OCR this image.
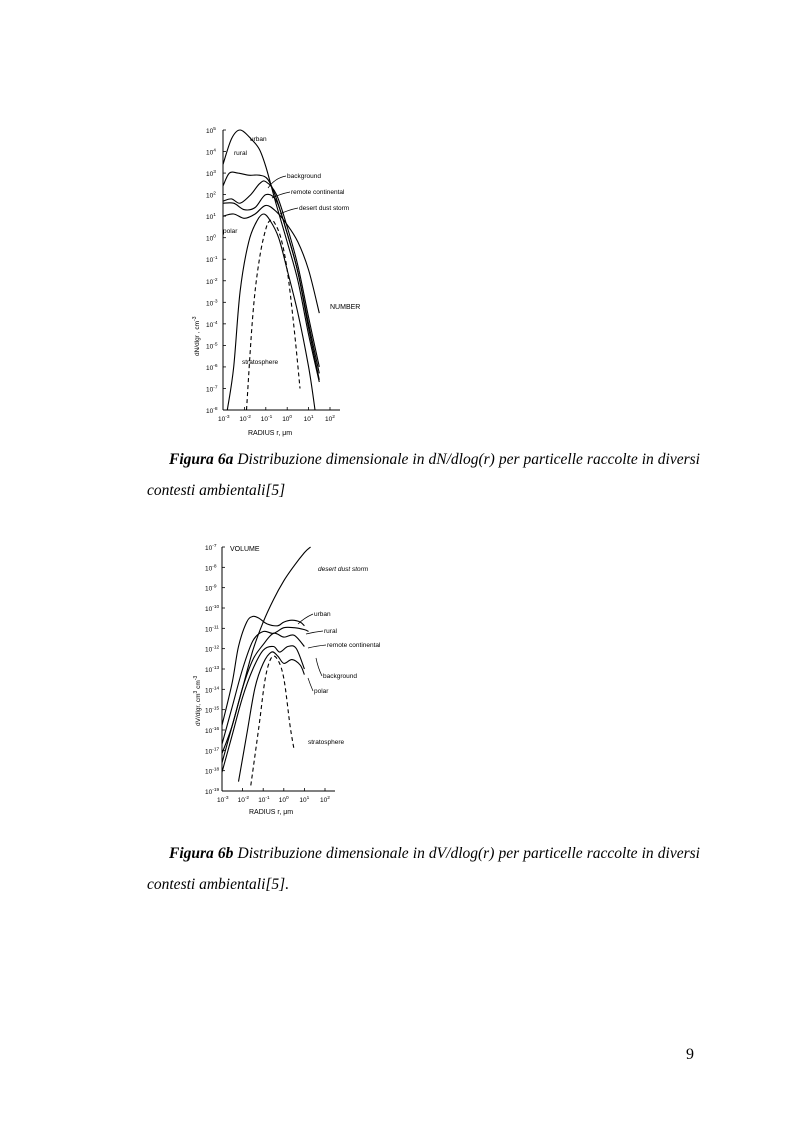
$10^{-3}$ $10^{-2}$ $10^{-1}$ $10^0$ $10^1$ $10^2$
$10^5$
$10^4$
$10^3$
$10^2$
$10^1$
$10^0$
$10^{-1}$
$10^{-2}$
$10^{-3}$
$10^{-4}$
$10^{-5}$
$10^{-6}$
$10^{-7}$
$10^{-8}$
urban
rural
background
remote continental
desert dust storm
polar
stratosphere
NUMBER
RADIUS r, μm
dN/dlgr , $cm^{-3}$
Figura 6a Distribuzione dimensionale in dN/dlog(r) per particelle raccolte in diversi contesti ambientali[5]
$10^{-3}$ $10^{-2}$ $10^{-1}$ $10^0$ $10^1$ $10^2$
$10^{-7}$
$10^{-8}$
$10^{-9}$
$10^{-10}$
$10^{-11}$
$10^{-12}$
$10^{-13}$
$10^{-14}$
$10^{-15}$
$10^{-16}$
$10^{-17}$
$10^{-18}$
$10^{-19}$
VOLUME
desert dust storm
urban
rural
remote continental
background
polar
stratosphere
RADIUS r, μm
dV/dlgr, $cm^3$ $cm^{-3}$
Figura 6b Distribuzione dimensionale in dV/dlog(r) per particelle raccolte in diversi contesti ambientali[5].
9
